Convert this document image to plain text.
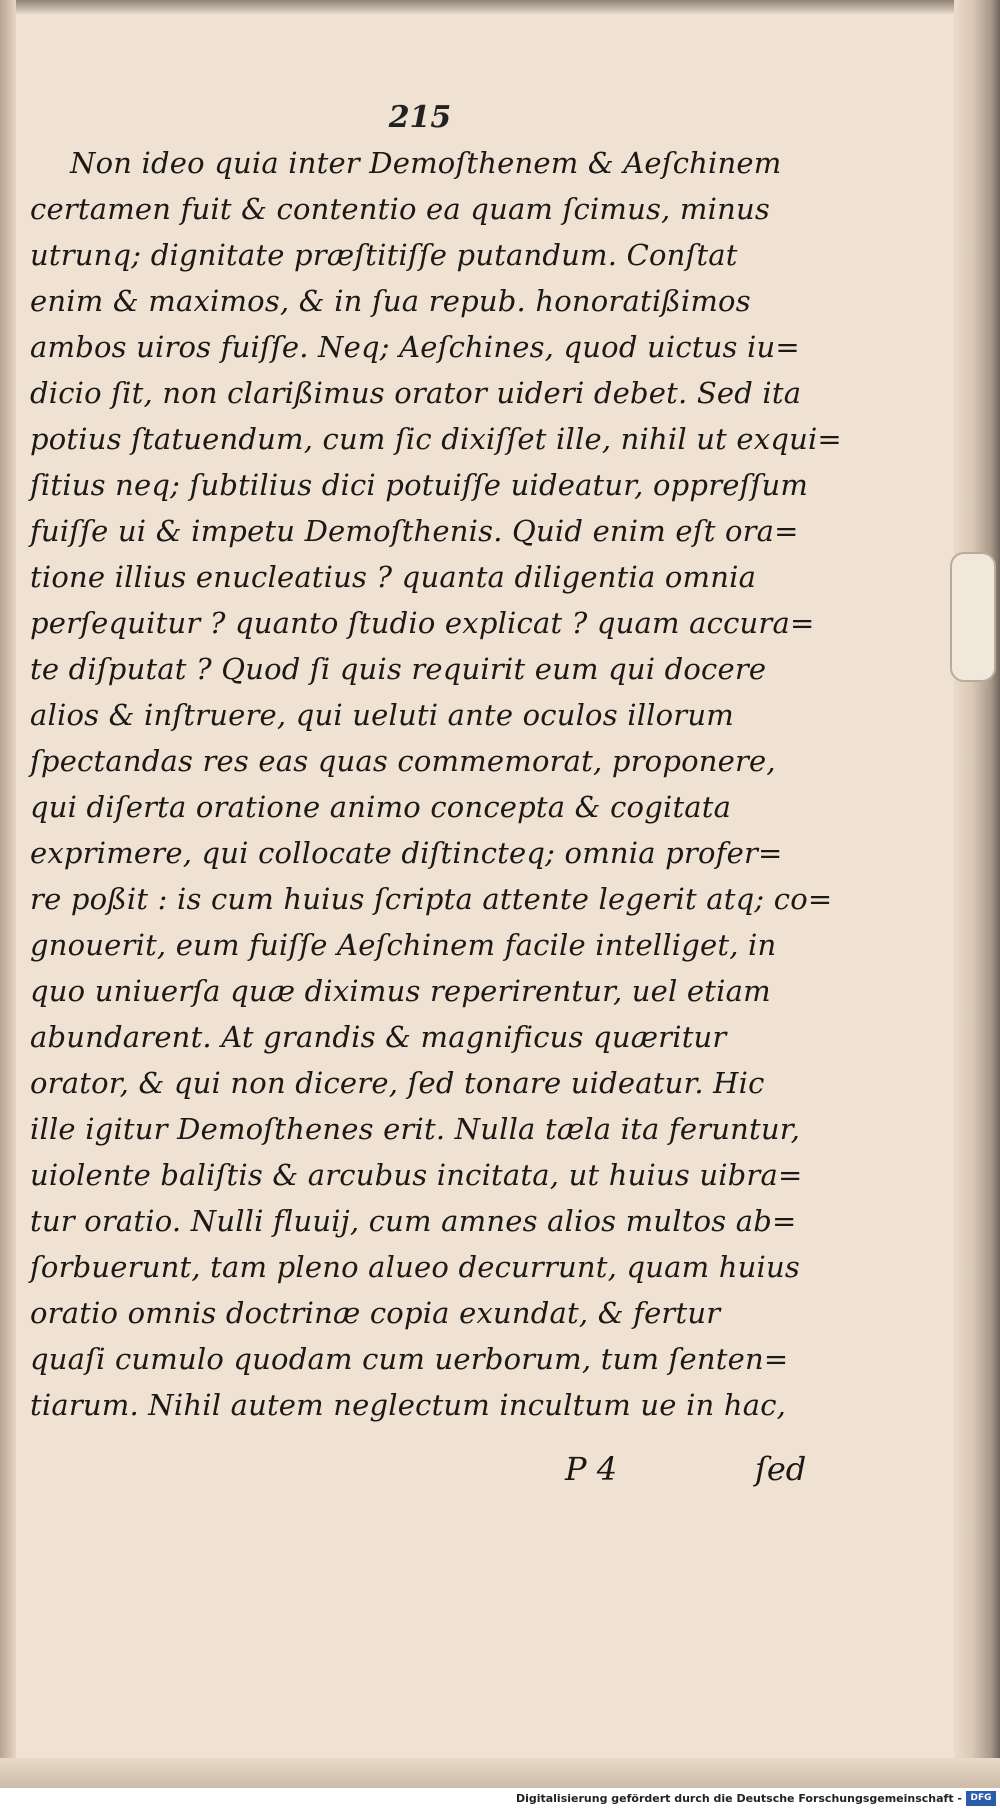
215
Non ideo quia inter Demoſthenem & Aeſchinem
certamen fuit & contentio ea quam ſcimus, minus
utrunq; dignitate præſtitiſſe putandum. Conſtat
enim & maximos, & in ſua repub. honoratißimos
ambos uiros fuiſſe. Neq; Aeſchines, quod uictus iu=
dicio ſit, non clarißimus orator uideri debet. Sed ita
potius ſtatuendum, cum ſic dixiſſet ille, nihil ut exqui=
ſitius neq; ſubtilius dici potuiſſe uideatur, oppreſſum
fuiſſe ui & impetu Demoſthenis. Quid enim eſt ora=
tione illius enucleatius ? quanta diligentia omnia
perſequitur ? quanto ſtudio explicat ? quam accura=
te diſputat ? Quod ſi quis requirit eum qui docere
alios & inſtruere, qui ueluti ante oculos illorum
ſpectandas res eas quas commemorat, proponere,
qui diſerta oratione animo concepta & cogitata
exprimere, qui collocate diſtincteq; omnia profer=
re poßit : is cum huius ſcripta attente legerit atq; co=
gnouerit, eum fuiſſe Aeſchinem facile intelliget, in
quo uniuerſa quæ diximus reperirentur, uel etiam
abundarent. At grandis & magnificus quæritur
orator, & qui non dicere, ſed tonare uideatur. Hic
ille igitur Demoſthenes erit. Nulla tæla ita feruntur,
uiolente baliſtis & arcubus incitata, ut huius uibra=
tur oratio. Nulli fluuij, cum amnes alios multos ab=
ſorbuerunt, tam pleno alueo decurrunt, quam huius
oratio omnis doctrinæ copia exundat, & fertur
quaſi cumulo quodam cum uerborum, tum ſenten=
tiarum. Nihil autem neglectum incultum ue in hac,
P 4	ſed
Digitalisierung gefördert durch die Deutsche Forschungsgemeinschaft - DFG
